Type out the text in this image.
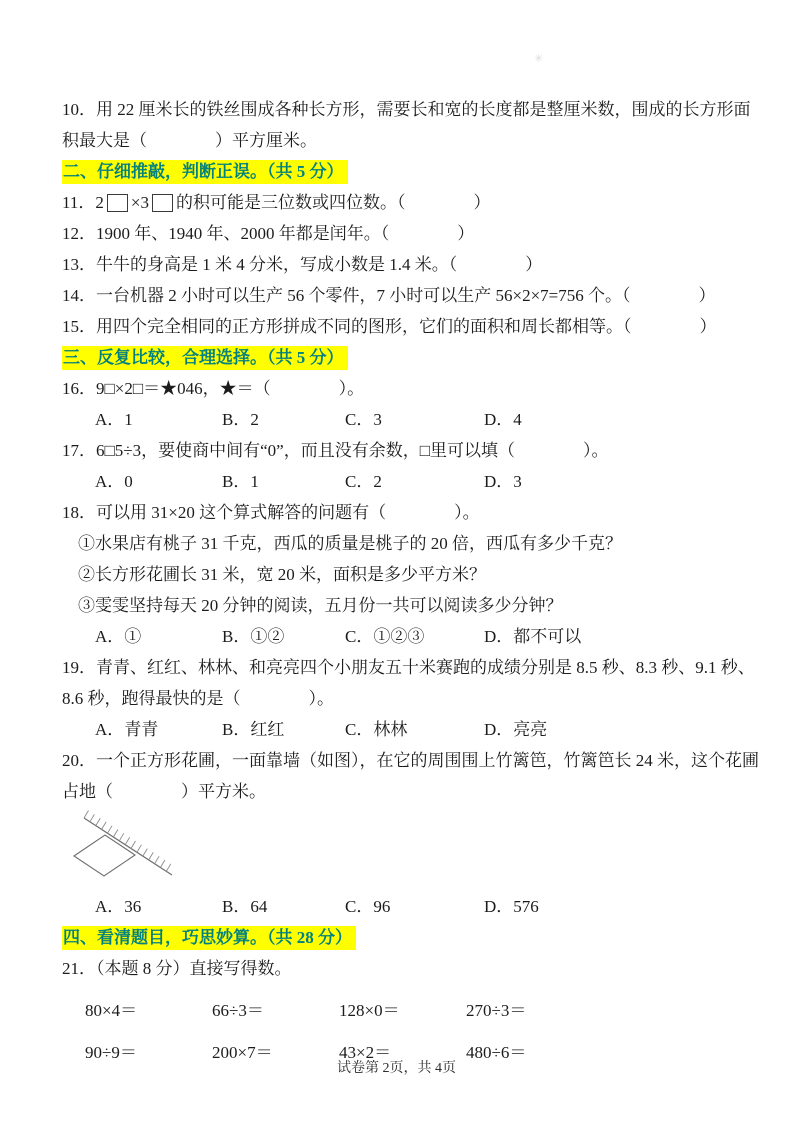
✳

10．用 22 厘米长的铁丝围成各种长方形，需要长和宽的长度都是整厘米数，围成的长方形面

积最大是（　　　　）平方厘米。

二、仔细推敲，判断正误。（共 5 分）

11．2 ×3 的积可能是三位数或四位数。（　　　　）

12．1900 年、1940 年、2000 年都是闰年。（　　　　）

13．牛牛的身高是 1 米 4 分米，写成小数是 1.4 米。（　　　　）

14．一台机器 2 小时可以生产 56 个零件，7 小时可以生产 56×2×7=756 个。（　　　　）

15．用四个完全相同的正方形拼成不同的图形，它们的面积和周长都相等。（　　　　）

三、反复比较，合理选择。（共 5 分）

16．9□×2□＝★046，★＝（　　　　）。

A．1	B．2	C．3	D．4

17．6□5÷3，要使商中间有“0”，而且没有余数，□里可以填（　　　　）。

A．0	B．1	C．2	D．3

18．可以用 31×20 这个算式解答的问题有（　　　　）。

①水果店有桃子 31 千克，西瓜的质量是桃子的 20 倍，西瓜有多少千克？

②长方形花圃长 31 米，宽 20 米，面积是多少平方米？

③雯雯坚持每天 20 分钟的阅读，五月份一共可以阅读多少分钟？

A．①	B．①②	C．①②③	D．都不可以

19．青青、红红、林林、和亮亮四个小朋友五十米赛跑的成绩分别是 8.5 秒、8.3 秒、9.1 秒、

8.6 秒，跑得最快的是（　　　　）。

A．青青	B．红红	C．林林	D．亮亮

20．一个正方形花圃，一面靠墙（如图），在它的周围围上竹篱笆，竹篱笆长 24 米，这个花圃

占地（　　　　）平方米。

A．36	B．64	C．96	D．576

四、看清题目，巧思妙算。（共 28 分）

21．（本题 8 分）直接写得数。

80×4＝	66÷3＝	128×0＝	270÷3＝
90÷9＝	200×7＝	43×2＝	480÷6＝
试卷第 2页，共 4页
